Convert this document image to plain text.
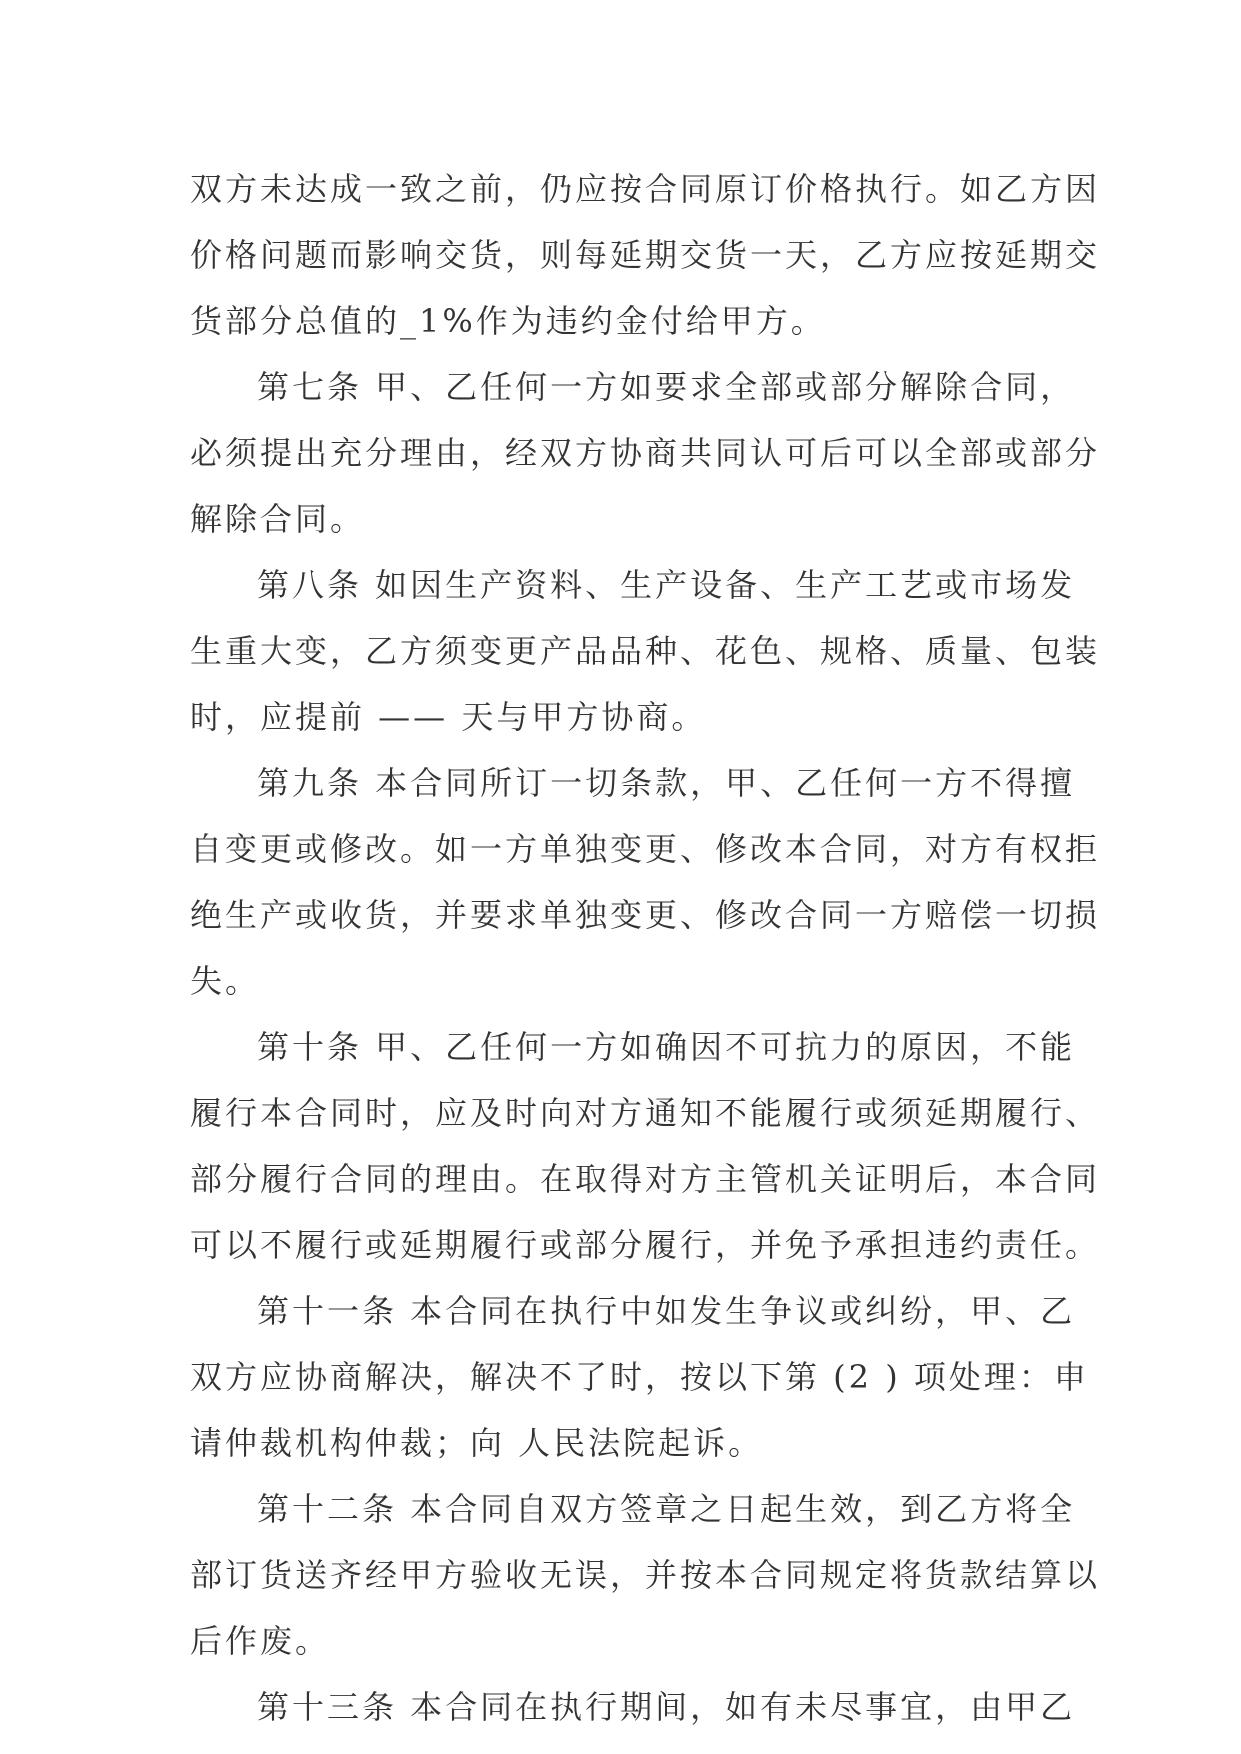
双方未达成一致之前，仍应按合同原订价格执行。如乙方因

价格问题而影响交货，则每延期交货一天，乙方应按延期交

货部分总值的_1%作为违约金付给甲方。

第七条 甲、乙任何一方如要求全部或部分解除合同，

必须提出充分理由，经双方协商共同认可后可以全部或部分

解除合同。

第八条 如因生产资料、生产设备、生产工艺或市场发

生重大变，乙方须变更产品品种、花色、规格、质量、包装

时，应提前 —— 天与甲方协商。

第九条 本合同所订一切条款，甲、乙任何一方不得擅

自变更或修改。如一方单独变更、修改本合同，对方有权拒

绝生产或收货，并要求单独变更、修改合同一方赔偿一切损

失。

第十条 甲、乙任何一方如确因不可抗力的原因，不能

履行本合同时，应及时向对方通知不能履行或须延期履行、

部分履行合同的理由。在取得对方主管机关证明后，本合同

可以不履行或延期履行或部分履行，并免予承担违约责任。

第十一条 本合同在执行中如发生争议或纠纷，甲、乙

双方应协商解决，解决不了时，按以下第 (2 ) 项处理：申

请仲裁机构仲裁；向 人民法院起诉。

第十二条 本合同自双方签章之日起生效，到乙方将全

部订货送齐经甲方验收无误，并按本合同规定将货款结算以

后作废。

第十三条 本合同在执行期间，如有未尽事宜，由甲乙
